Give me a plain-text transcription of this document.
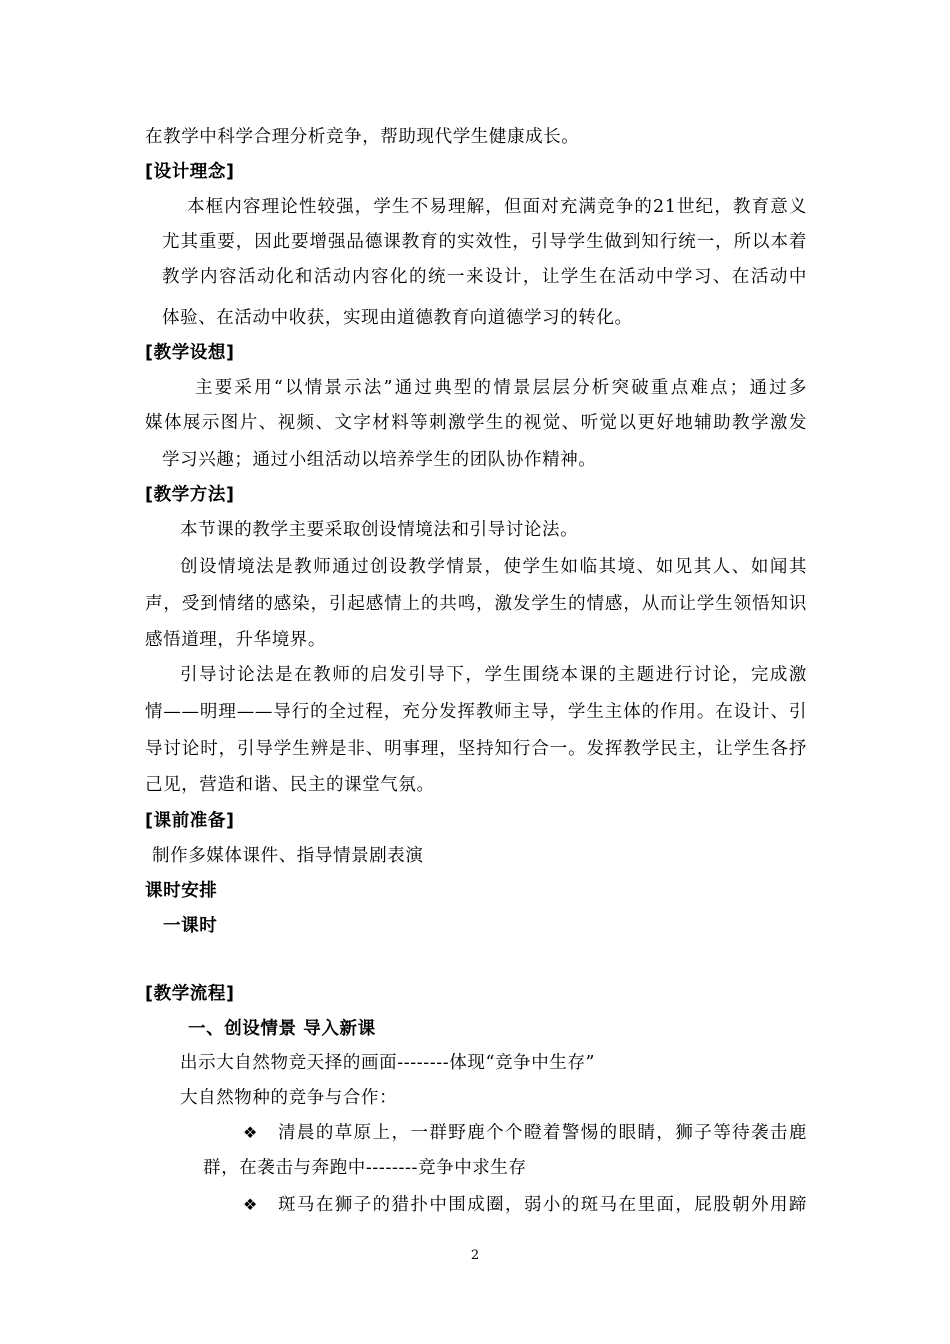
在教学中科学合理分析竞争，帮助现代学生健康成长。
[设计理念]
本框内容理论性较强，学生不易理解，但面对充满竞争的21世纪，教育意义
尤其重要，因此要增强品德课教育的实效性，引导学生做到知行统一，所以本着
教学内容活动化和活动内容化的统一来设计，让学生在活动中学习、在活动中
体验、在活动中收获，实现由道德教育向道德学习的转化。
[教学设想]
主要采用“以情景示法”通过典型的情景层层分析突破重点难点；通过多
媒体展示图片、视频、文字材料等刺激学生的视觉、听觉以更好地辅助教学激发
学习兴趣；通过小组活动以培养学生的团队协作精神。
[教学方法]
本节课的教学主要采取创设情境法和引导讨论法。
创设情境法是教师通过创设教学情景，使学生如临其境、如见其人、如闻其
声，受到情绪的感染，引起感情上的共鸣，激发学生的情感，从而让学生领悟知识
感悟道理，升华境界。
引导讨论法是在教师的启发引导下，学生围绕本课的主题进行讨论，完成激
情——明理——导行的全过程，充分发挥教师主导，学生主体的作用。在设计、引
导讨论时，引导学生辨是非、明事理，坚持知行合一。发挥教学民主，让学生各抒
己见，营造和谐、民主的课堂气氛。
[课前准备]
制作多媒体课件、指导情景剧表演
课时安排
一课时
[教学流程]
一、创设情景 导入新课
出示大自然物竞天择的画面--------体现“竞争中生存”
大自然物种的竞争与合作：
❖ 清晨的草原上，一群野鹿个个瞪着警惕的眼睛，狮子等待袭击鹿
群，在袭击与奔跑中--------竞争中求生存
❖ 斑马在狮子的猎扑中围成圈，弱小的斑马在里面，屁股朝外用蹄
2
